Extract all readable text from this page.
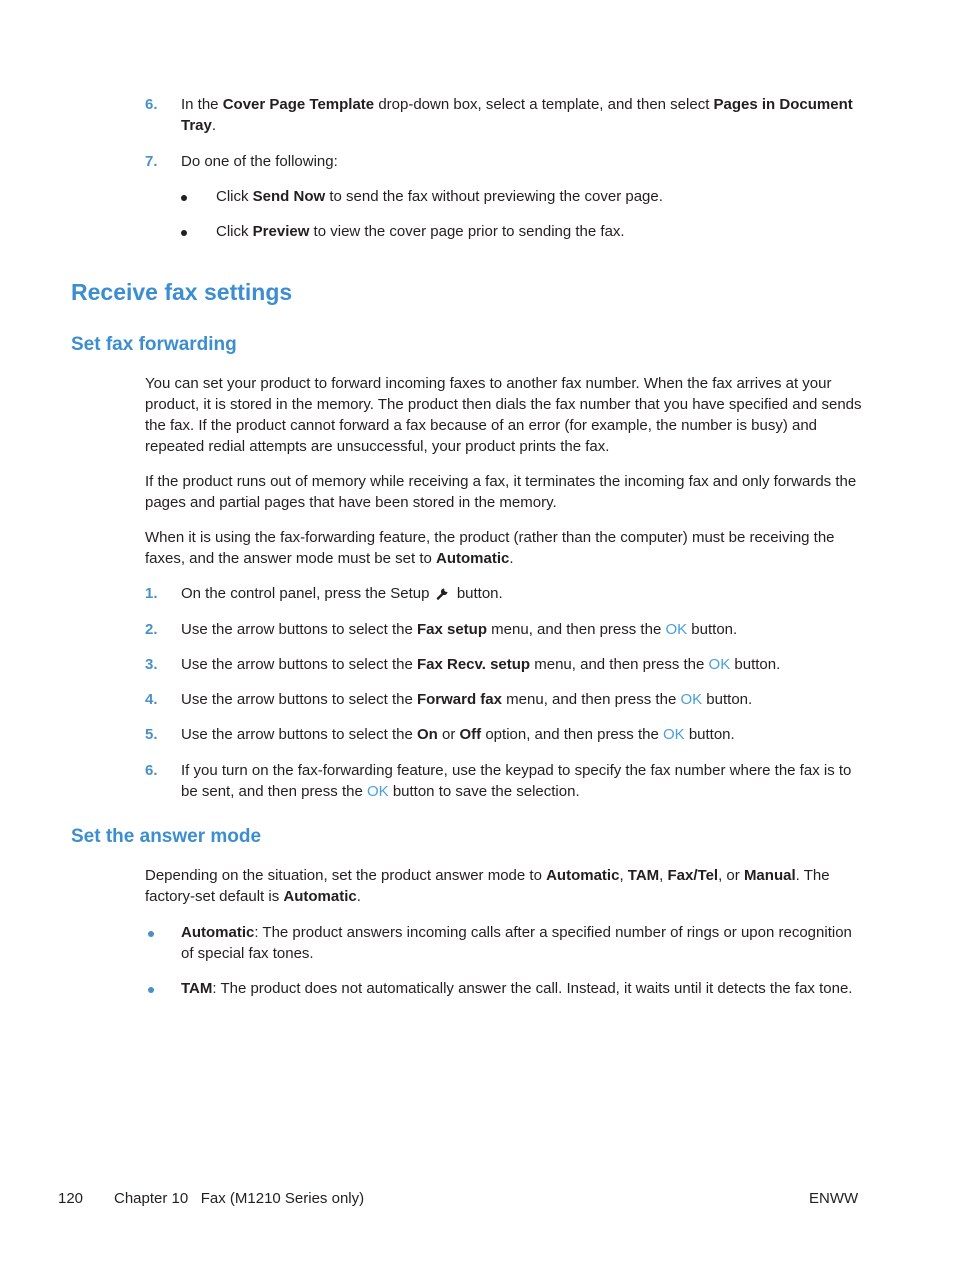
6.	In the Cover Page Template drop-down box, select a template, and then select Pages in Document Tray.
7.	Do one of the following:
Click Send Now to send the fax without previewing the cover page.
Click Preview to view the cover page prior to sending the fax.
Receive fax settings
Set fax forwarding
You can set your product to forward incoming faxes to another fax number. When the fax arrives at your product, it is stored in the memory. The product then dials the fax number that you have specified and sends the fax. If the product cannot forward a fax because of an error (for example, the number is busy) and repeated redial attempts are unsuccessful, your product prints the fax.
If the product runs out of memory while receiving a fax, it terminates the incoming fax and only forwards the pages and partial pages that have been stored in the memory.
When it is using the fax-forwarding feature, the product (rather than the computer) must be receiving the faxes, and the answer mode must be set to Automatic.
1.	On the control panel, press the Setup  button.
2.	Use the arrow buttons to select the Fax setup menu, and then press the OK button.
3.	Use the arrow buttons to select the Fax Recv. setup menu, and then press the OK button.
4.	Use the arrow buttons to select the Forward fax menu, and then press the OK button.
5.	Use the arrow buttons to select the On or Off option, and then press the OK button.
6.	If you turn on the fax-forwarding feature, use the keypad to specify the fax number where the fax is to be sent, and then press the OK button to save the selection.
Set the answer mode
Depending on the situation, set the product answer mode to Automatic, TAM, Fax/Tel, or Manual. The factory-set default is Automatic.
Automatic: The product answers incoming calls after a specified number of rings or upon recognition of special fax tones.
TAM: The product does not automatically answer the call. Instead, it waits until it detects the fax tone.
120 Chapter 10   Fax (M1210 Series only)	ENWW
